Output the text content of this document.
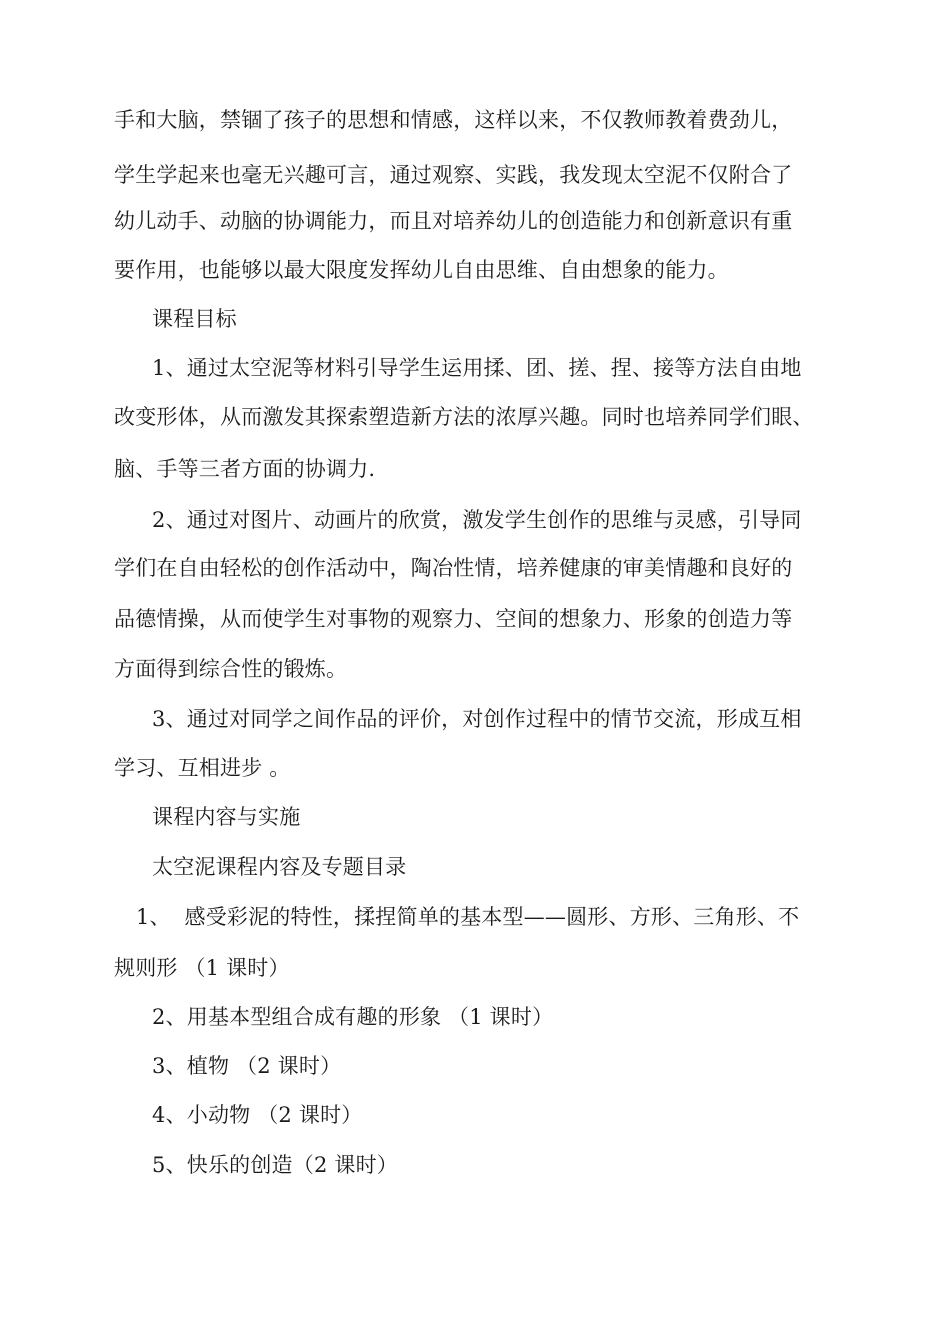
手和大脑，禁锢了孩子的思想和情感，这样以来，不仅教师教着费劲儿，
学生学起来也毫无兴趣可言，通过观察、实践，我发现太空泥不仅附合了
幼儿动手、动脑的协调能力，而且对培养幼儿的创造能力和创新意识有重
要作用，也能够以最大限度发挥幼儿自由思维、自由想象的能力。
课程目标
1、通过太空泥等材料引导学生运用揉、团、搓、捏、接等方法自由地
改变形体，从而激发其探索塑造新方法的浓厚兴趣。同时也培养同学们眼、
脑、手等三者方面的协调力.
2、通过对图片、动画片的欣赏，激发学生创作的思维与灵感，引导同
学们在自由轻松的创作活动中，陶冶性情，培养健康的审美情趣和良好的
品德情操，从而使学生对事物的观察力、空间的想象力、形象的创造力等
方面得到综合性的锻炼。
3、通过对同学之间作品的评价，对创作过程中的情节交流，形成互相
学习、互相进步 。
课程内容与实施
太空泥课程内容及专题目录
1、  感受彩泥的特性，揉捏简单的基本型——圆形、方形、三角形、不
规则形 （1 课时）
2、用基本型组合成有趣的形象 （1 课时）
3、植物 （2 课时）
4、小动物 （2 课时）
5、快乐的创造（2 课时）
